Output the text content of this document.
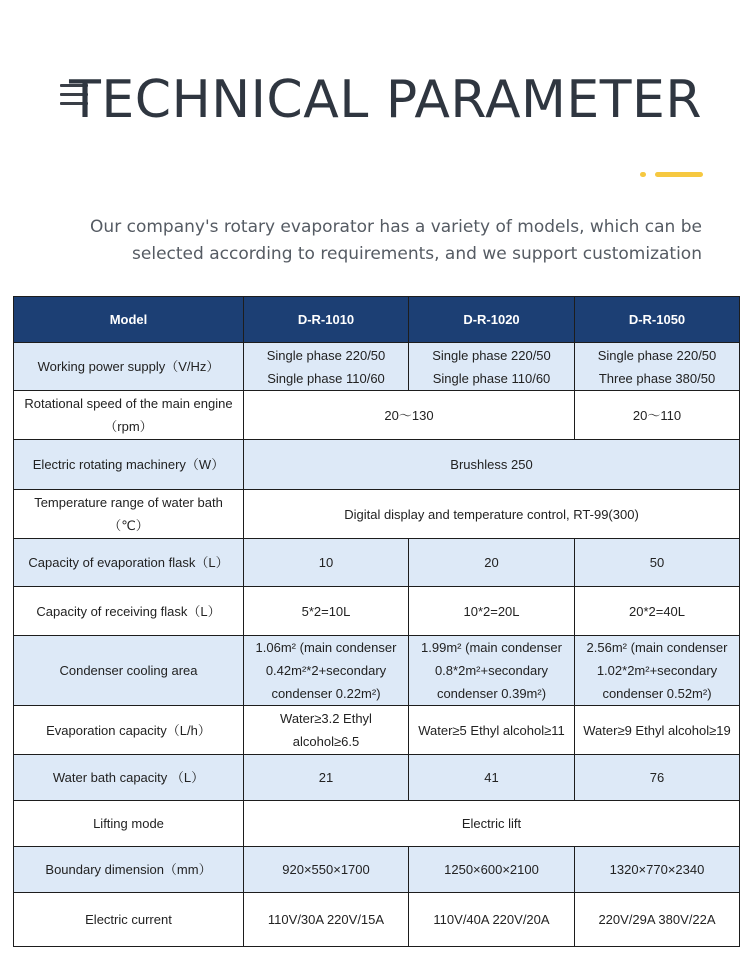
TECHNICAL PARAMETER

Our company's rotary evaporator has a variety of models, which can be selected according to requirements, and we support customization

Model	D-R-1010	D-R-1020	D-R-1050
Working power supply（V/Hz）	Single phase 220/50 Single phase 110/60	Single phase 220/50 Single phase 110/60	Single phase 220/50 Three phase 380/50
Rotational speed of the main engine（rpm）	20～130		20～110
Electric rotating machinery（W）	Brushless 250		
Temperature range of water bath（℃）	Digital display and temperature control, RT-99(300)		
Capacity of evaporation flask（L）	10	20	50
Capacity of receiving flask（L）	5*2=10L	10*2=20L	20*2=40L
Condenser cooling area	1.06m² (main condenser 0.42m²*2+secondary condenser 0.22m²)	1.99m² (main condenser 0.8*2m²+secondary condenser 0.39m²)	2.56m² (main condenser 1.02*2m²+secondary condenser 0.52m²)
Evaporation capacity（L/h）	Water≥3.2 Ethyl alcohol≥6.5	Water≥5 Ethyl alcohol≥11	Water≥9 Ethyl alcohol≥19
Water bath capacity （L）	21	41	76
Lifting mode	Electric lift		
Boundary dimension（mm）	920×550×1700	1250×600×2100	1320×770×2340
Electric current	110V/30A 220V/15A	110V/40A 220V/20A	220V/29A 380V/22A
